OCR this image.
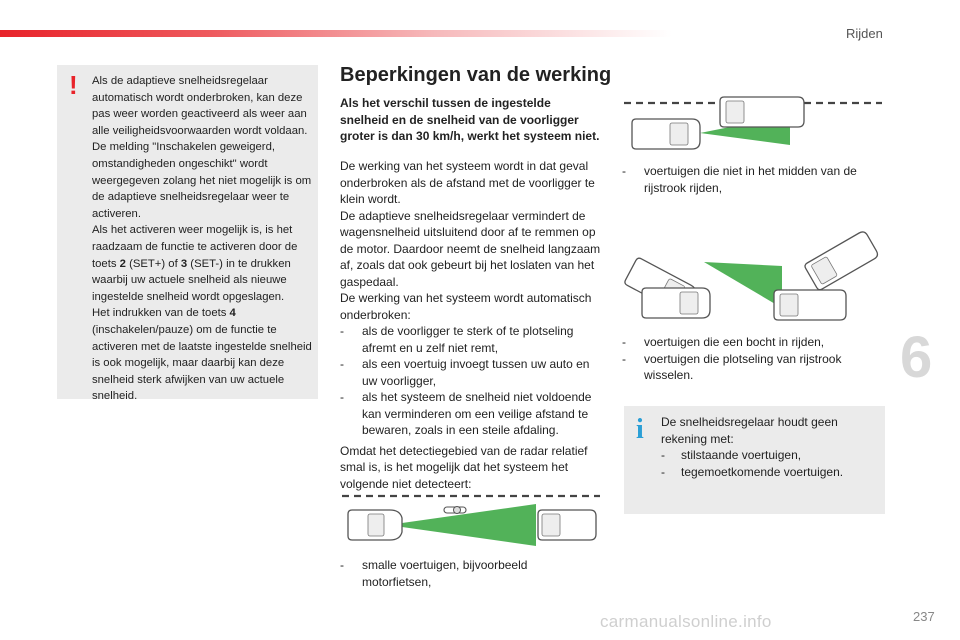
Rijden
! Als de adaptieve snelheidsregelaar automatisch wordt onderbroken, kan deze pas weer worden geactiveerd als weer aan alle veiligheidsvoorwaarden wordt voldaan. De melding "Inschakelen geweigerd, omstandigheden ongeschikt" wordt weergegeven zolang het niet mogelijk is om de adaptieve snelheidsregelaar weer te activeren.

Als het activeren weer mogelijk is, is het raadzaam de functie te activeren door de toets 2 (SET+) of 3 (SET-) in te drukken waarbij uw actuele snelheid als nieuwe ingestelde snelheid wordt opgeslagen.

Het indrukken van de toets 4 (inschakelen/pauze) om de functie te activeren met de laatste ingestelde snelheid is ook mogelijk, maar daarbij kan deze snelheid sterk afwijken van uw actuele snelheid.

Beperkingen van de werking

Als het verschil tussen de ingestelde snelheid en de snelheid van de voorligger groter is dan 30 km/h, werkt het systeem niet.

De werking van het systeem wordt in dat geval onderbroken als de afstand met de voorligger te klein wordt.

De adaptieve snelheidsregelaar vermindert de wagensnelheid uitsluitend door af te remmen op de motor. Daardoor neemt de snelheid langzaam af, zoals dat ook gebeurt bij het loslaten van het gaspedaal.

De werking van het systeem wordt automatisch onderbroken:

- als de voorligger te sterk of te plotseling afremt en u zelf niet remt,
- als een voertuig invoegt tussen uw auto en uw voorligger,
- als het systeem de snelheid niet voldoende kan verminderen om een veilige afstand te bewaren, zoals in een steile afdaling.

Omdat het detectiegebied van de radar relatief smal is, is het mogelijk dat het systeem het volgende niet detecteert:

- smalle voertuigen, bijvoorbeeld motorfietsen,
- voertuigen die niet in het midden van de rijstrook rijden,
- voertuigen die een bocht in rijden,
- voertuigen die plotseling van rijstrook wisselen.
i De snelheidsregelaar houdt geen rekening met:

- stilstaande voertuigen,
- tegemoetkomende voertuigen.
6
carmanualsonline.info	237
